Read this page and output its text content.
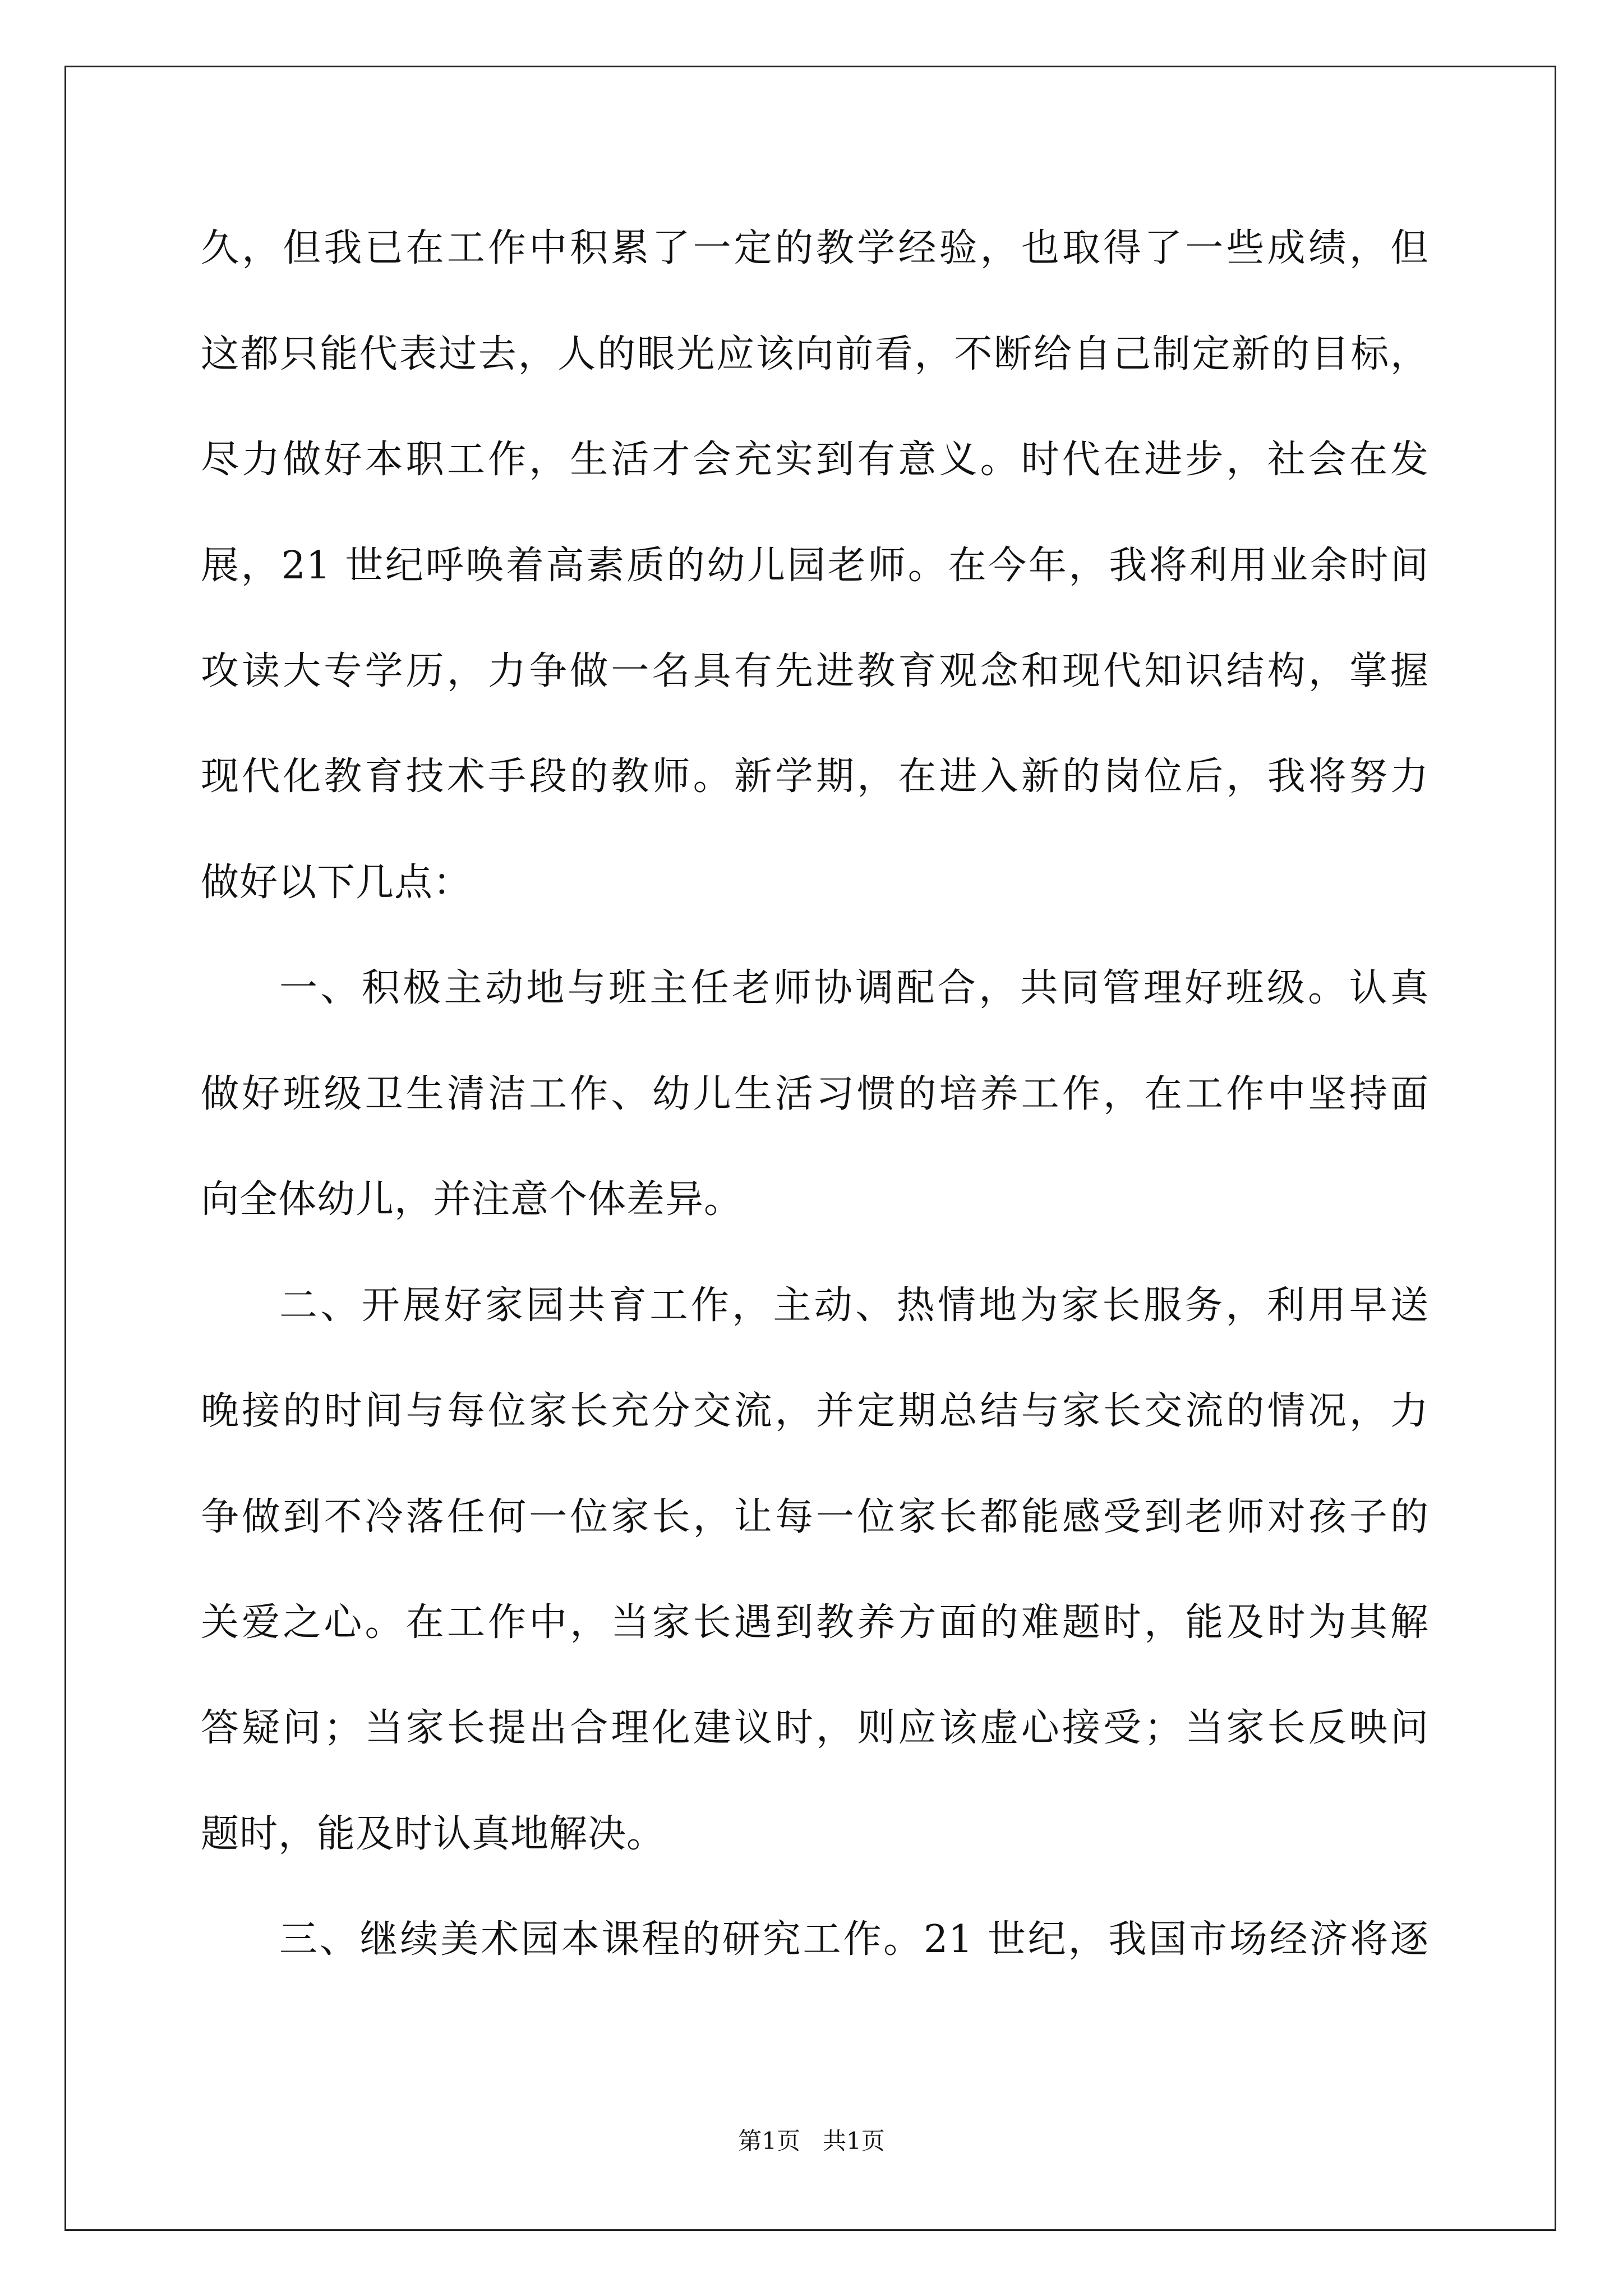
久，但我已在工作中积累了一定的教学经验，也取得了一些成绩，但
这都只能代表过去，人的眼光应该向前看，不断给自己制定新的目标，
尽力做好本职工作，生活才会充实到有意义。时代在进步，社会在发
展，21 世纪呼唤着高素质的幼儿园老师。在今年，我将利用业余时间
攻读大专学历，力争做一名具有先进教育观念和现代知识结构，掌握
现代化教育技术手段的教师。新学期，在进入新的岗位后，我将努力
做好以下几点：
一、积极主动地与班主任老师协调配合，共同管理好班级。认真
做好班级卫生清洁工作、幼儿生活习惯的培养工作，在工作中坚持面
向全体幼儿，并注意个体差异。
二、开展好家园共育工作，主动、热情地为家长服务，利用早送
晚接的时间与每位家长充分交流，并定期总结与家长交流的情况，力
争做到不冷落任何一位家长，让每一位家长都能感受到老师对孩子的
关爱之心。在工作中，当家长遇到教养方面的难题时，能及时为其解
答疑问；当家长提出合理化建议时，则应该虚心接受；当家长反映问
题时，能及时认真地解决。
三、继续美术园本课程的研究工作。21 世纪，我国市场经济将逐
第1页   共1页
